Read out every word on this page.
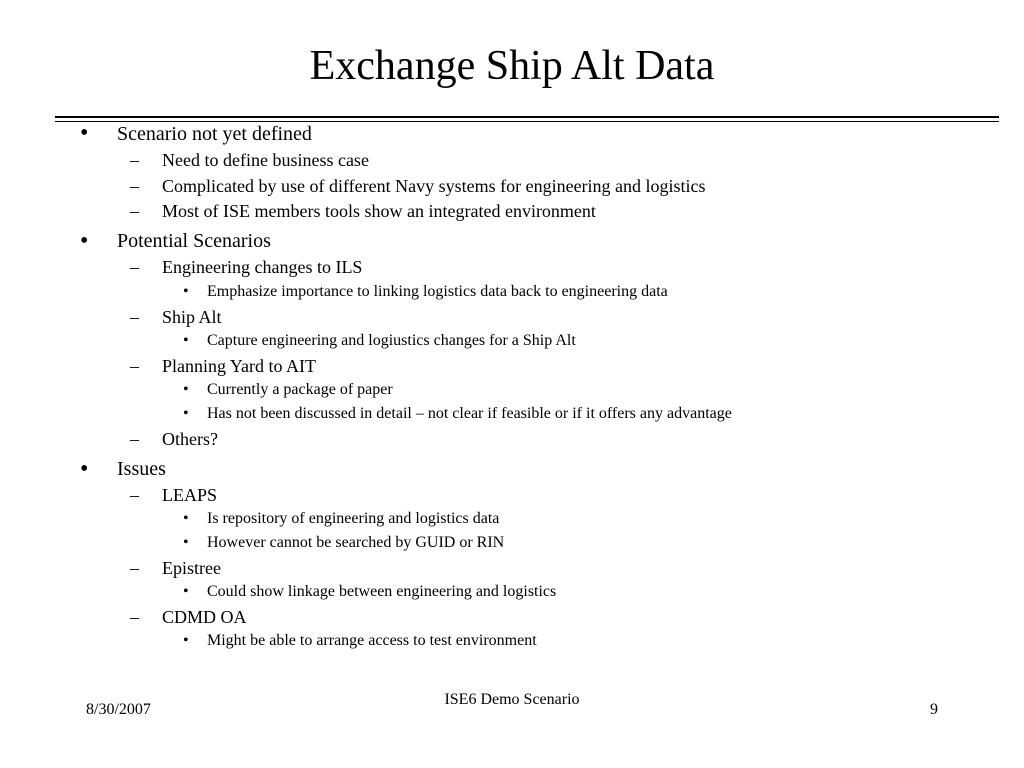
Exchange Ship Alt Data
• Scenario not yet defined
– Need to define business case
– Complicated by use of different Navy systems for engineering and logistics
– Most of ISE members tools show an integrated environment
• Potential Scenarios
– Engineering changes to ILS
• Emphasize importance to linking logistics data back to engineering data
– Ship Alt
• Capture engineering and logiustics changes for a Ship Alt
– Planning Yard to AIT
• Currently a package of paper
• Has not been discussed in detail – not clear if feasible or if it offers any advantage
– Others?
• Issues
– LEAPS
• Is repository of engineering and logistics data
• However cannot be searched by GUID or RIN
– Epistree
• Could show linkage between engineering and logistics
– CDMD OA
• Might be able to arrange access to test environment
8/30/2007
ISE6 Demo Scenario
9
